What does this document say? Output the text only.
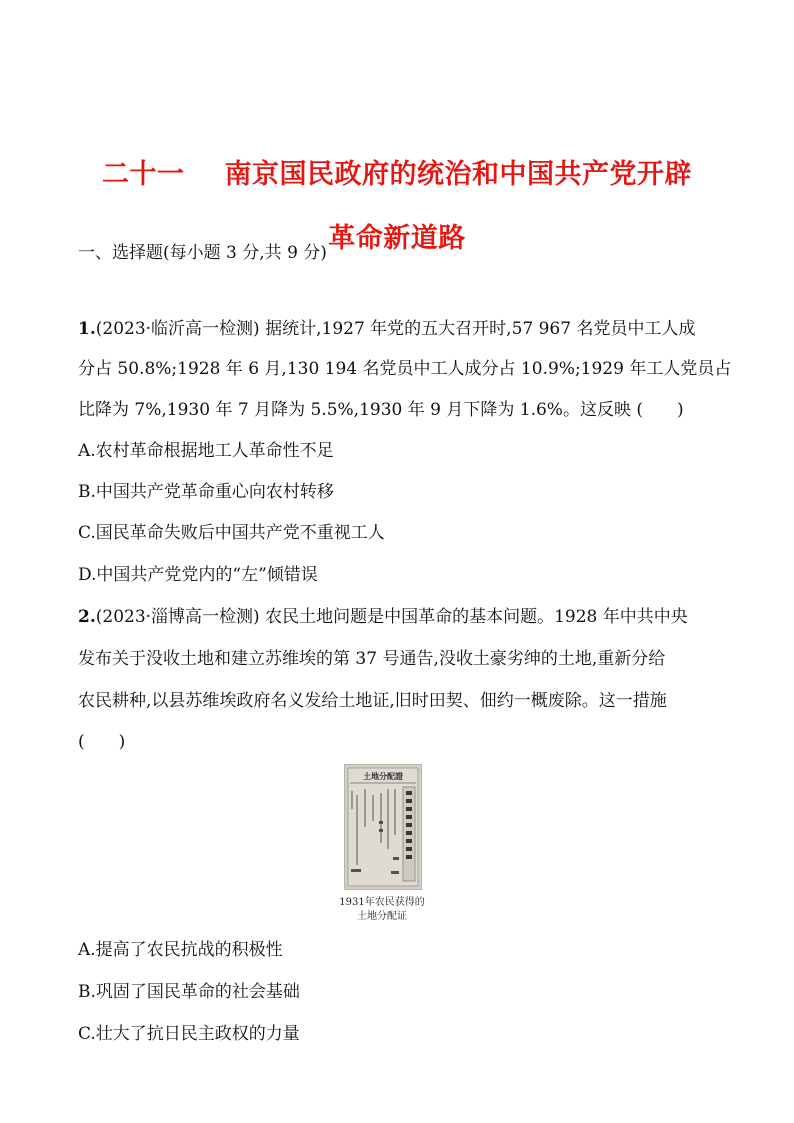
二十一 南京国民政府的统治和中国共产党开辟
革命新道路
一、选择题(每小题 3 分,共 9 分)
1.(2023·临沂高一检测) 据统计,1927 年党的五大召开时,57 967 名党员中工人成
分占 50.8%;1928 年 6 月,130 194 名党员中工人成分占 10.9%;1929 年工人党员占
比降为 7%,1930 年 7 月降为 5.5%,1930 年 9 月下降为 1.6%。这反映 (　　)
A.农村革命根据地工人革命性不足
B.中国共产党革命重心向农村转移
C.国民革命失败后中国共产党不重视工人
D.中国共产党党内的“左”倾错误
2.(2023·淄博高一检测) 农民土地问题是中国革命的基本问题。1928 年中共中央
发布关于没收土地和建立苏维埃的第 37 号通告,没收土豪劣绅的土地,重新分给
农民耕种,以县苏维埃政府名义发给土地证,旧时田契、佃约一概废除。这一措施
(　　)
土地分配證
1931年农民获得的
土地分配证
A.提高了农民抗战的积极性
B.巩固了国民革命的社会基础
C.壮大了抗日民主政权的力量
